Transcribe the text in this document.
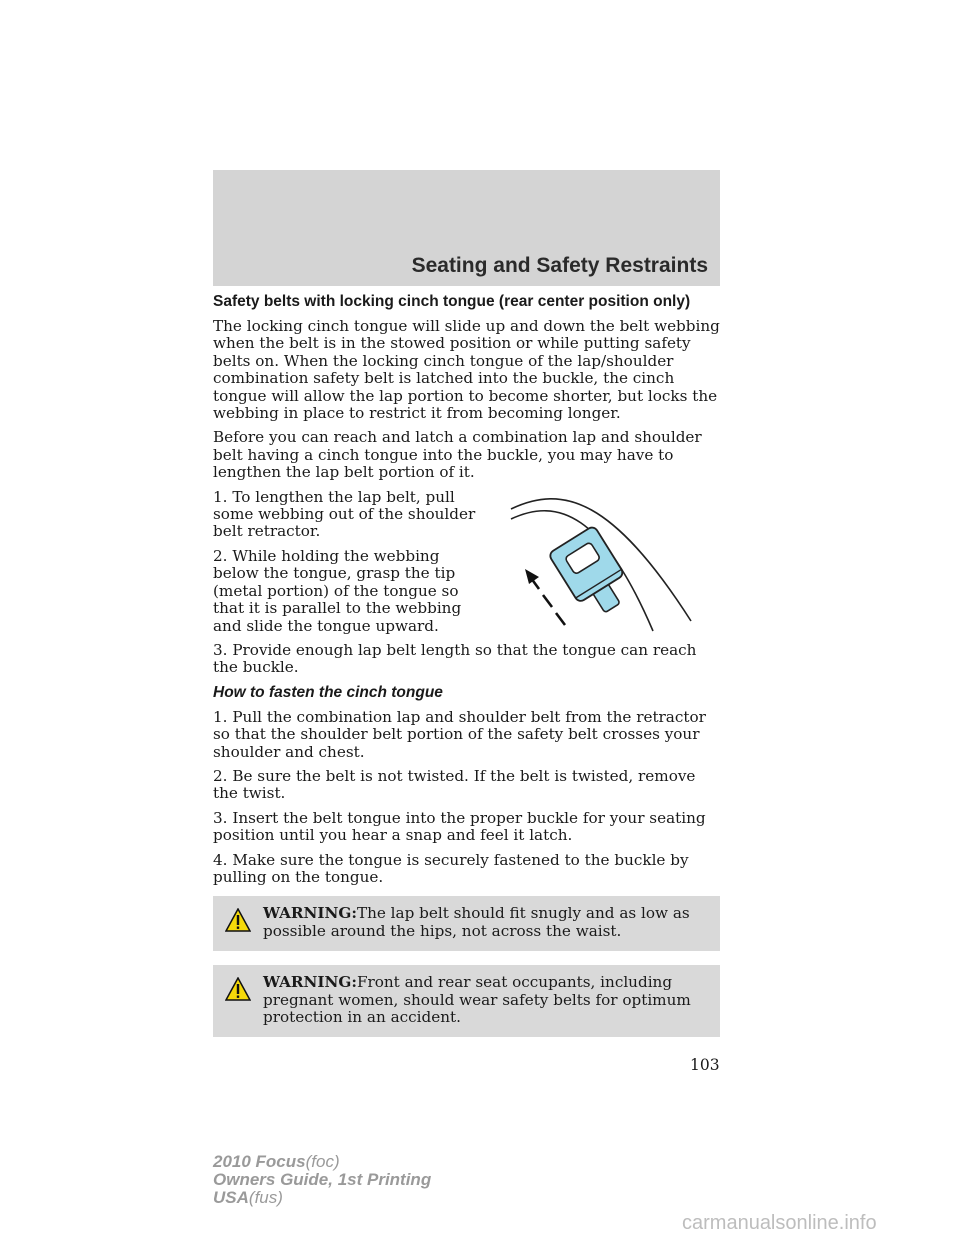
Seating and Safety Restraints

Safety belts with locking cinch tongue (rear center position only)

The locking cinch tongue will slide up and down the belt webbing when the belt is in the stowed position or while putting safety belts on. When the locking cinch tongue of the lap/shoulder combination safety belt is latched into the buckle, the cinch tongue will allow the lap portion to become shorter, but locks the webbing in place to restrict it from becoming longer.

Before you can reach and latch a combination lap and shoulder belt having a cinch tongue into the buckle, you may have to lengthen the lap belt portion of it.

1. To lengthen the lap belt, pull some webbing out of the shoulder belt retractor.

2. While holding the webbing below the tongue, grasp the tip (metal portion) of the tongue so that it is parallel to the webbing and slide the tongue upward.

3. Provide enough lap belt length so that the tongue can reach the buckle.

How to fasten the cinch tongue

1. Pull the combination lap and shoulder belt from the retractor so that the shoulder belt portion of the safety belt crosses your shoulder and chest.

2. Be sure the belt is not twisted. If the belt is twisted, remove the twist.

3. Insert the belt tongue into the proper buckle for your seating position until you hear a snap and feel it latch.

4. Make sure the tongue is securely fastened to the buckle by pulling on the tongue.

WARNING:The lap belt should fit snugly and as low as possible around the hips, not across the waist.
WARNING:Front and rear seat occupants, including pregnant women, should wear safety belts for optimum protection in an accident.
103
2010 Focus(foc)
Owners Guide, 1st Printing
USA(fus)
carmanualsonline.info
